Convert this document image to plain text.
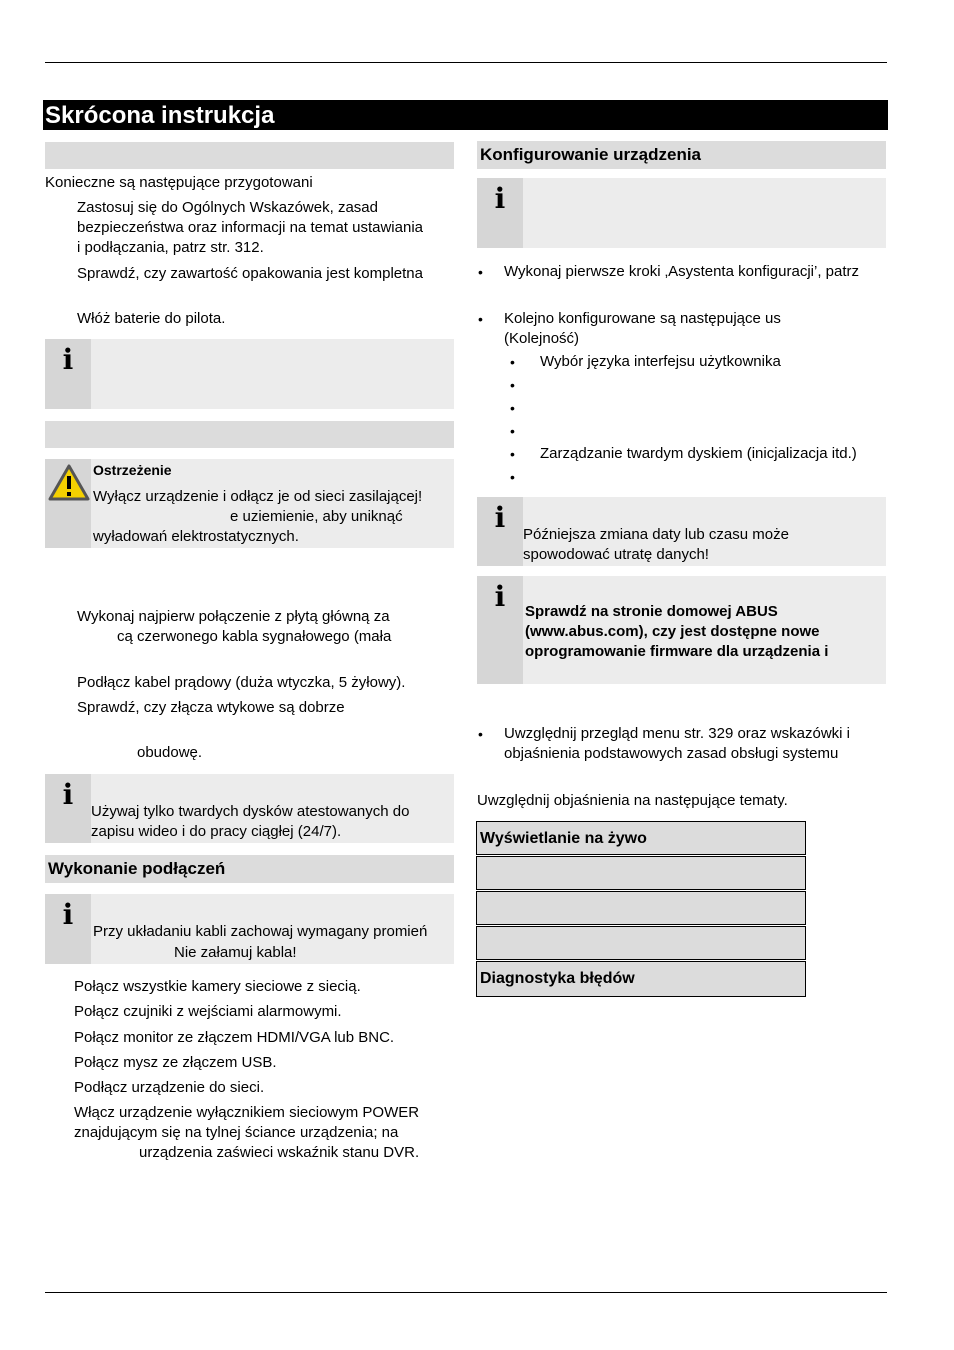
Skrócona instrukcja
Konieczne są następujące przygotowani
Zastosuj się do Ogólnych Wskazówek, zasad
bezpieczeństwa oraz informacji na temat ustawiania
i podłączania, patrz str. 312.
Sprawdź, czy zawartość opakowania jest kompletna
Włóż baterie do pilota.
i
Ostrzeżenie
Wyłącz urządzenie i odłącz je od sieci zasilającej!
e uziemienie, aby uniknąć
wyładowań elektrostatycznych.
Wykonaj najpierw połączenie z płytą główną za
cą czerwonego kabla sygnałowego (mała
Podłącz kabel prądowy (duża wtyczka, 5 żyłowy).
Sprawdź, czy złącza wtykowe są dobrze
obudowę.
i
Używaj tylko twardych dysków atestowanych do
zapisu wideo i do pracy ciągłej (24/7).
Wykonanie podłączeń
i
Przy układaniu kabli zachowaj wymagany promień
Nie załamuj kabla!
Połącz wszystkie kamery sieciowe z siecią.
Połącz czujniki z wejściami alarmowymi.
Połącz monitor ze złączem HDMI/VGA lub BNC.
Połącz mysz ze złączem USB.
Podłącz urządzenie do sieci.
Włącz urządzenie wyłącznikiem sieciowym POWER
znajdującym się na tylnej ściance urządzenia; na
urządzenia zaświeci wskaźnik stanu DVR.
Konfigurowanie urządzenia
i
• Wykonaj pierwsze kroki ‚Asystenta konfiguracji’, patrz
• Kolejno konfigurowane są następujące us
(Kolejność)
• Wybór języka interfejsu użytkownika
•
•
•
• Zarządzanie twardym dyskiem (inicjalizacja itd.)
•
i
Późniejsza zmiana daty lub czasu może
spowodować utratę danych!
i Sprawdź na stronie domowej ABUS
(www.abus.com), czy jest dostępne nowe
oprogramowanie firmware dla urządzenia i
• Uwzględnij przegląd menu str. 329 oraz wskazówki i
objaśnienia podstawowych zasad obsługi systemu
Uwzględnij objaśnienia na następujące tematy.
Wyświetlanie na żywo
Diagnostyka błędów
